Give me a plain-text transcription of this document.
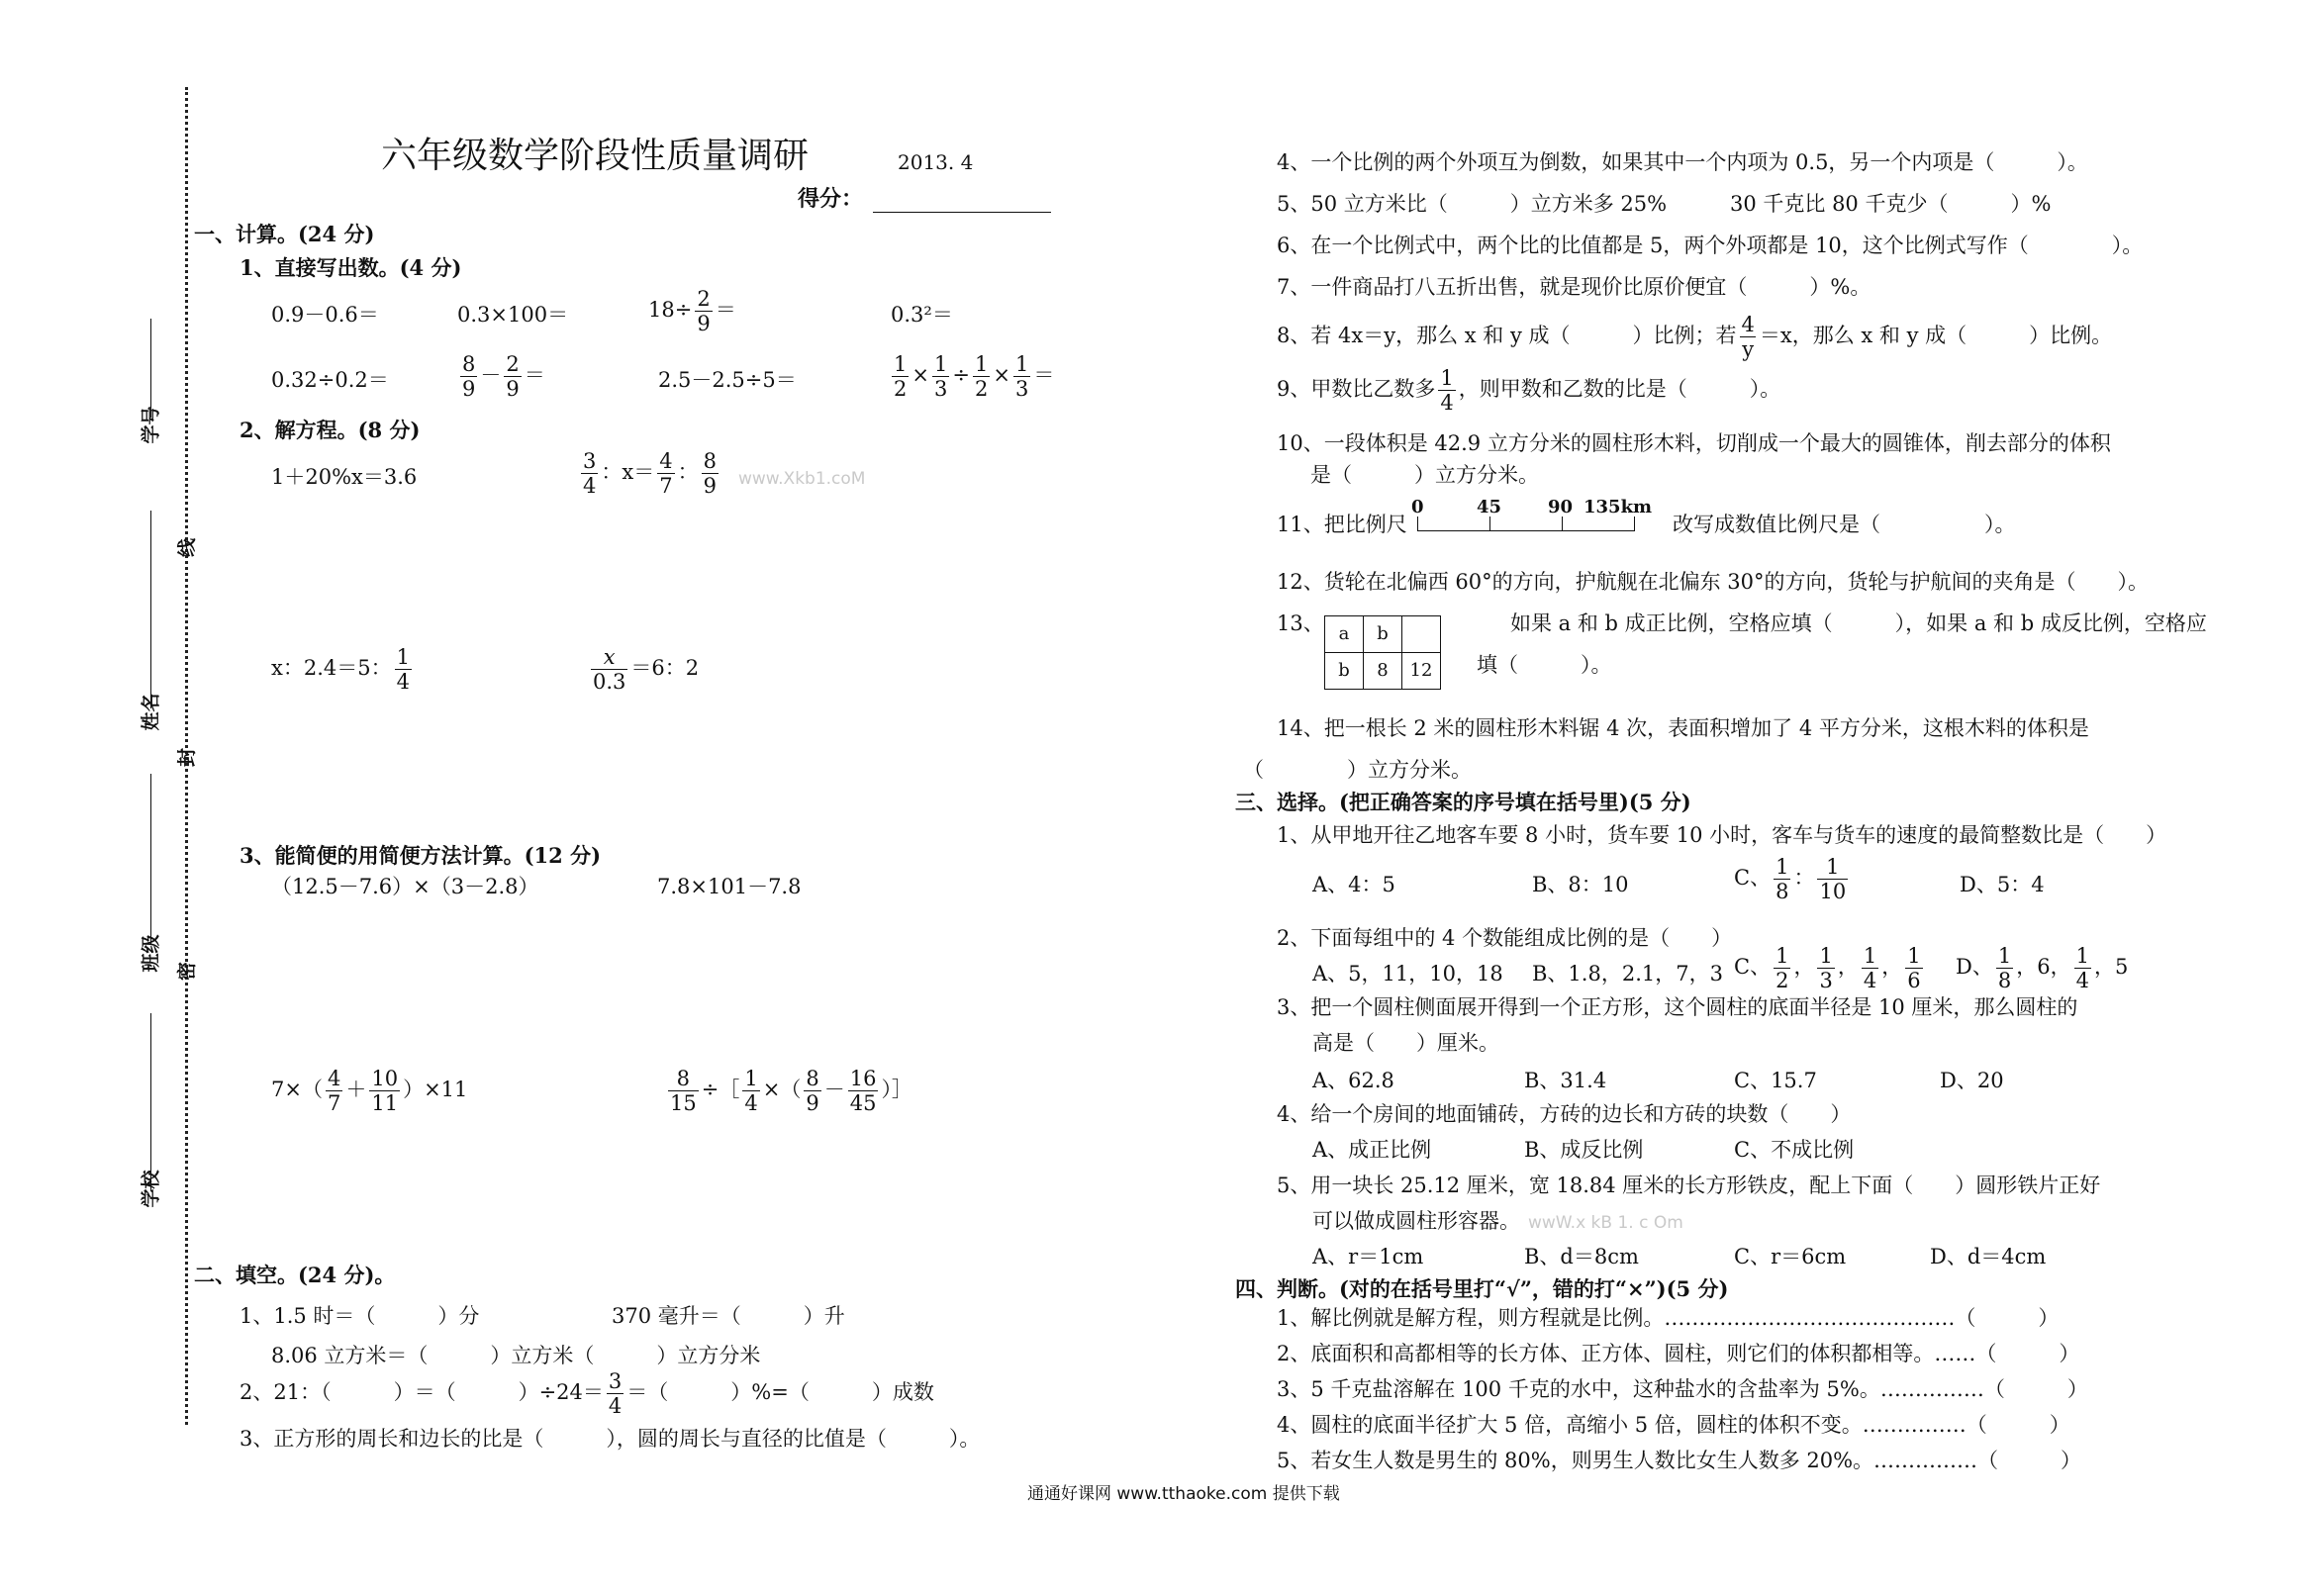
学号
姓名
班级
学校
线
封
密
六年级数学阶段性质量调研	2013. 4
得分：
一、计算。(24 分)
1、直接写出数。(4 分)
0.9－0.6＝	0.3×100＝	$18\div \frac{2}{9}$ ＝	0.3²＝
0.32÷0.2＝	$\frac{8}{9} - \frac{2}{9}$ ＝	2.5－2.5÷5＝	$\frac{1}{2} \times \frac{1}{3} \div \frac{1}{2} \times \frac{1}{3}$ ＝
2、解方程。(8 分)
1＋20%x＝3.6	$\frac{3}{4}$ ：$x= \frac{4}{7}$ ： $\frac{8}{9} www.Xkb1.coM$
x：2.4＝5： $\frac{1}{4}$	$\frac{x}{0.3} =6$：2
3、能简便的用简便方法计算。(12 分)
（12.5－7.6）×（3－2.8）	7.8×101－7.8
$7\times( \frac{4}{7} + \frac{10}{11} )\times 11$	$\frac{8}{15}$ ÷［ $\frac{1}{4}$ ×（ $\frac{8}{9} - \frac{16}{45}$ ）］
二、填空。(24 分)。
1、1.5 时＝（　　　）分	370 毫升＝（　　　）升
8.06 立方米＝（　　　）立方米（　　　）立方分米
2、21：（　　　）＝（　　　）$\div 24= \frac{3}{4}$ ＝（　　　）%=（　　　）成数
3、正方形的周长和边长的比是（　　　），圆的周长与直径的比值是（　　　）。
4、一个比例的两个外项互为倒数，如果其中一个内项为 0.5，另一个内项是（　　　）。
5、50 立方米比（　　　）立方米多 25%	30 千克比 80 千克少（　　　）%
6、在一个比例式中，两个比的比值都是 5，两个外项都是 10，这个比例式写作（　　　　）。
7、一件商品打八五折出售，就是现价比原价便宜（　　　）%。
8、若 4x＝y，那么 x 和 y 成（　　　）比例；若 $\frac{4}{y} =x$，那么 x 和 y 成（　　　）比例。
9、甲数比乙数多 $\frac{1}{4}$ ，则甲数和乙数的比是（　　　）。
10、一段体积是 42.9 立方分米的圆柱形木料，切削成一个最大的圆锥体，削去部分的体积
是（　　　）立方分米。
11、把比例尺
0	45	90 135km
改写成数值比例尺是（　　　　　）。
12、货轮在北偏西 60°的方向，护航舰在北偏东 30°的方向，货轮与护航间的夹角是（　　）。
13、 a	b	
b	8	12
如果 a 和 b 成正比例，空格应填（　　　），如果 a 和 b 成反比例，空格应
填（　　　）。
14、把一根长 2 米的圆柱形木料锯 4 次，表面积增加了 4 平方分米，这根木料的体积是
（　　　　）立方分米。
三、选择。(把正确答案的序号填在括号里)(5 分)
1、从甲地开往乙地客车要 8 小时，货车要 10 小时，客车与货车的速度的最简整数比是（　　）
A、4：5	B、8：10	C、 $\frac{1}{8}$ ： $\frac{1}{10}$	D、5：4
2、下面每组中的 4 个数能组成比例的是（　　）
A、5，11，10，18 B、1.8，2.1，7，3 C、 $\frac{1}{2}$ ， $\frac{1}{3}$ ， $\frac{1}{4}$ ， $\frac{1}{6}$ D、 $\frac{1}{8}$ ，6， $\frac{1}{4}$ ，5
3、把一个圆柱侧面展开得到一个正方形，这个圆柱的底面半径是 10 厘米，那么圆柱的
高是（　　）厘米。
A、62.8	B、31.4	C、15.7	D、20
4、给一个房间的地面铺砖，方砖的边长和方砖的块数（　　）
A、成正比例	B、成反比例	C、不成比例
5、用一块长 25.12 厘米，宽 18.84 厘米的长方形铁皮，配上下面（　　）圆形铁片正好
可以做成圆柱形容器。 wwW.x kB 1. c Om
A、r＝1cm	B、d＝8cm	C、r＝6cm	D、d＝4cm
四、判断。(对的在括号里打“√”，错的打“×”)(5 分)
1、解比例就是解方程，则方程就是比例。……………………………………（　　　）
2、底面积和高都相等的长方体、正方体、圆柱，则它们的体积都相等。……（　　　）
3、5 千克盐溶解在 100 千克的水中，这种盐水的含盐率为 5%。……………（　　　）
4、圆柱的底面半径扩大 5 倍，高缩小 5 倍，圆柱的体积不变。……………（　　　）
5、若女生人数是男生的 80%，则男生人数比女生人数多 20%。……………（　　　）
通通好课网 www.tthaoke.com 提供下载
